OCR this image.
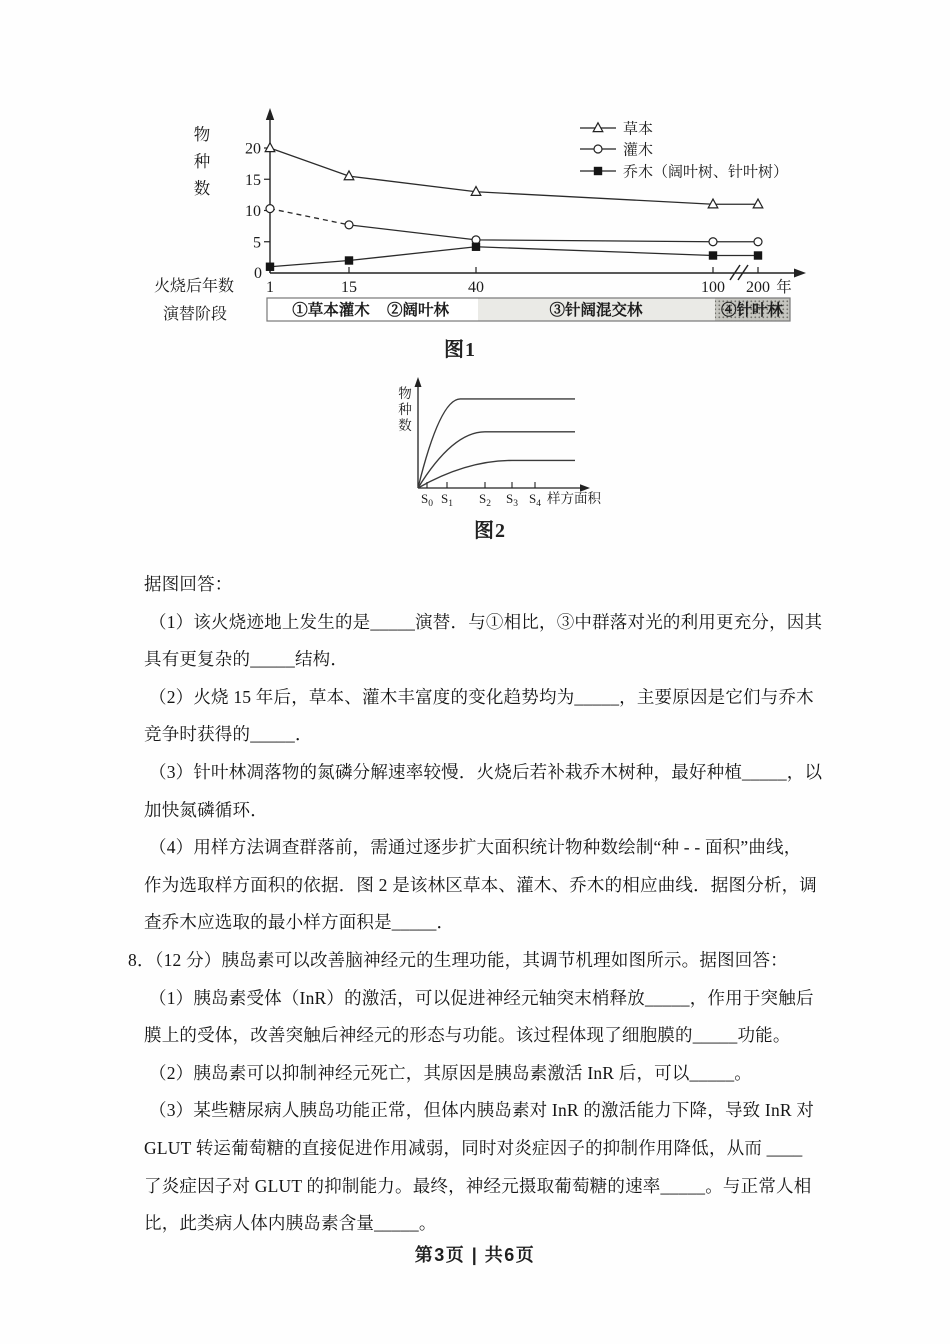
5
10
15
20
0
物
种
数
1	15	40	100 200 年
草本
灌木
乔木（阔叶树、针叶树）
火烧后年数
演替阶段	①草本灌木 ②阔叶林	③针阔混交林	④针叶林
图1
物
种
数
$S_0$ $S_1$ $S_2$ $S_3$ $S_4$ 样方面积
图2
据图回答：
（1）该火烧迹地上发生的是_____演替．与①相比，③中群落对光的利用更充分，因其
具有更复杂的_____结构．
（2）火烧 15 年后，草本、灌木丰富度的变化趋势均为_____，主要原因是它们与乔木
竞争时获得的_____．
（3）针叶林凋落物的氮磷分解速率较慢．火烧后若补栽乔木树种，最好种植_____，以
加快氮磷循环．
（4）用样方法调查群落前，需通过逐步扩大面积统计物种数绘制“种 - - 面积”曲线，
作为选取样方面积的依据．图 2 是该林区草本、灌木、乔木的相应曲线．据图分析，调
查乔木应选取的最小样方面积是_____．
8．（12 分）胰岛素可以改善脑神经元的生理功能，其调节机理如图所示。据图回答：
（1）胰岛素受体（InR）的激活，可以促进神经元轴突末梢释放_____，作用于突触后
膜上的受体，改善突触后神经元的形态与功能。该过程体现了细胞膜的_____功能。
（2）胰岛素可以抑制神经元死亡，其原因是胰岛素激活 InR 后，可以_____。
（3）某些糖尿病人胰岛功能正常，但体内胰岛素对 InR 的激活能力下降，导致 InR 对
GLUT 转运葡萄糖的直接促进作用减弱，同时对炎症因子的抑制作用降低，从而 ____
了炎症因子对 GLUT 的抑制能力。最终，神经元摄取葡萄糖的速率_____。与正常人相
比，此类病人体内胰岛素含量_____。
第3页 | 共6页
